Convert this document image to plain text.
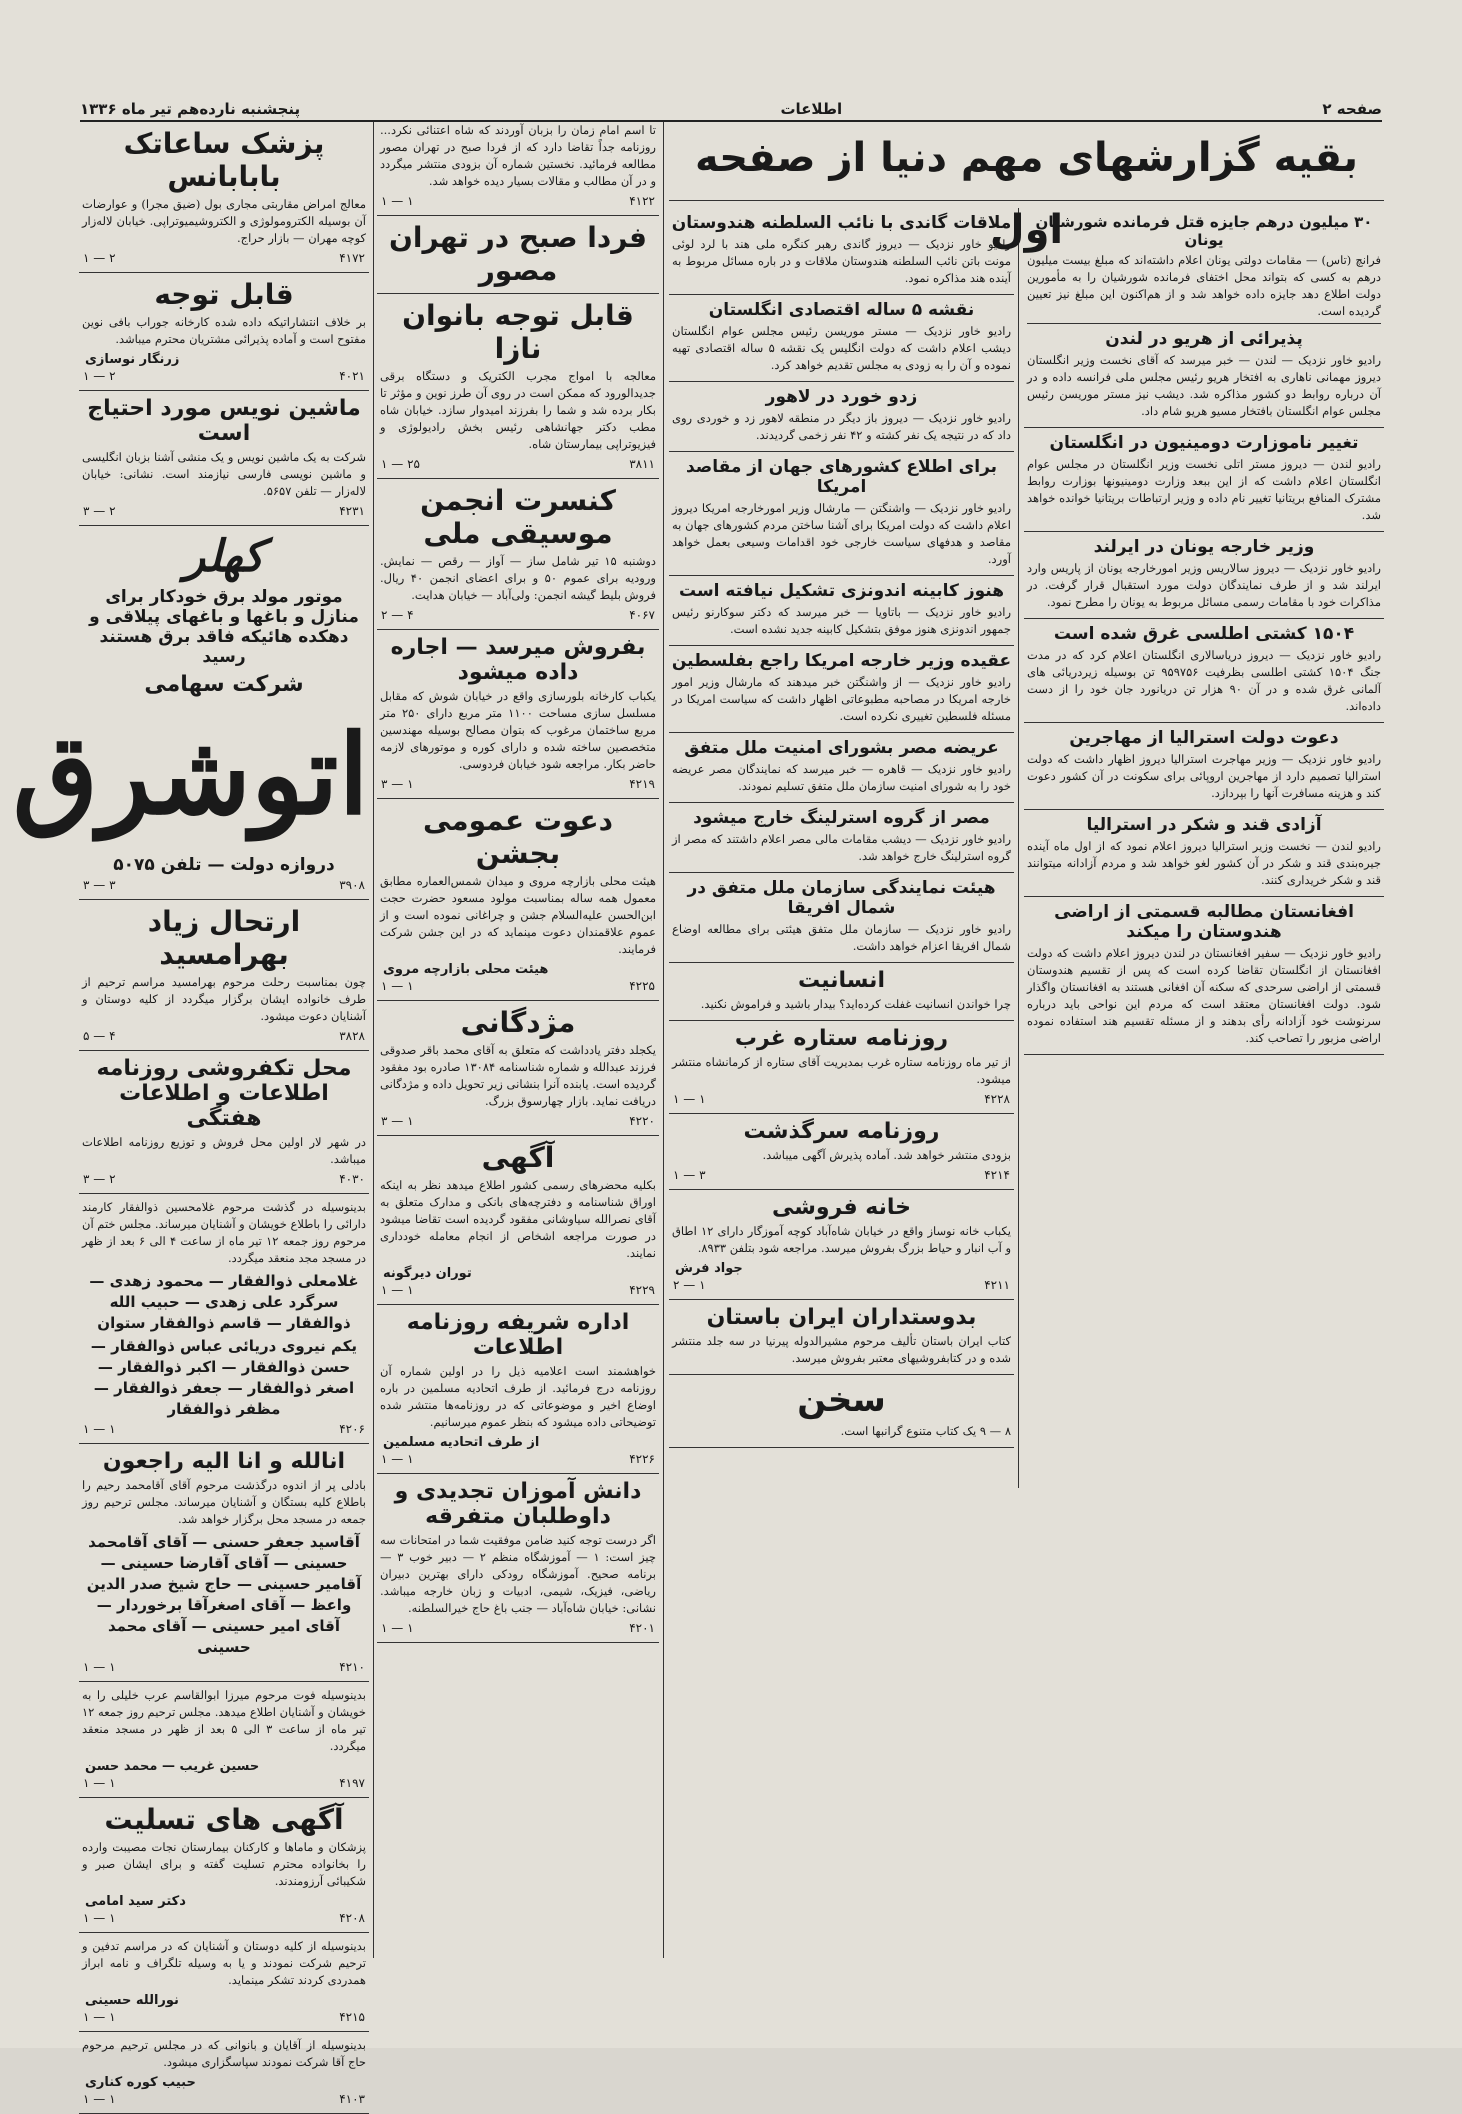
صفحه ۲
اطلاعات
پنجشنبه نارده‌هم تیر ماه ۱۳۳۶
بقیه گزارشهای مهم دنیا از صفحه اول
۳۰ میلیون درهم جایزه قتل فرمانده شورشیان یونان
فرانچ (تاس) — مقامات دولتی یونان اعلام داشته‌اند که مبلغ بیست میلیون درهم به کسی که بتواند محل اختفای فرمانده شورشیان را به مأمورین دولت اطلاع دهد جایزه داده خواهد شد و از هم‌اکنون این مبلغ نیز تعیین گردیده است.
پذیرائی از هریو در لندن
رادیو خاور نزدیک — لندن — خبر میرسد که آقای نخست وزیر انگلستان دیروز مهمانی ناهاری به افتخار هریو رئیس مجلس ملی فرانسه داده و در آن درباره روابط دو کشور مذاکره شد. دیشب نیز مستر موریسن رئیس مجلس عوام انگلستان بافتخار مسیو هریو شام داد.
تغییر ناموزارت دومینیون در انگلستان
رادیو لندن — دیروز مستر اتلی نخست وزیر انگلستان در مجلس عوام انگلستان اعلام داشت که از این ببعد وزارت دومینیونها بوزارت روابط مشترک المنافع بریتانیا تغییر نام داده و وزیر ارتباطات بریتانیا خوانده خواهد شد.
وزیر خارجه یونان در ایرلند
رادیو خاور نزدیک — دیروز سالاریس وزیر امورخارجه یونان از پاریس وارد ایرلند شد و از طرف نمایندگان دولت مورد استقبال قرار گرفت. در مذاکرات خود با مقامات رسمی مسائل مربوط به یونان را مطرح نمود.
۱۵۰۴ کشتی اطلسی غرق شده است
رادیو خاور نزدیک — دیروز دریاسالاری انگلستان اعلام کرد که در مدت جنگ ۱۵۰۴ کشتی اطلسی بظرفیت ۹۵۹۷۵۶ تن بوسیله زیردریائی های آلمانی غرق شده و در آن ۹۰ هزار تن دریانورد جان خود را از دست داده‌اند.
دعوت دولت استرالیا از مهاجرین
رادیو خاور نزدیک — وزیر مهاجرت استرالیا دیروز اظهار داشت که دولت استرالیا تصمیم دارد از مهاجرین اروپائی برای سکونت در آن کشور دعوت کند و هزینه مسافرت آنها را بپردازد.
آزادی قند و شکر در استرالیا
رادیو لندن — نخست وزیر استرالیا دیروز اعلام نمود که از اول ماه آینده جیره‌بندی قند و شکر در آن کشور لغو خواهد شد و مردم آزادانه میتوانند قند و شکر خریداری کنند.
افغانستان مطالبه قسمتی از اراضی هندوستان را میکند
رادیو خاور نزدیک — سفیر افغانستان در لندن دیروز اعلام داشت که دولت افغانستان از انگلستان تقاضا کرده است که پس از تقسیم هندوستان قسمتی از اراضی سرحدی که سکنه آن افغانی هستند به افغانستان واگذار شود. دولت افغانستان معتقد است که مردم این نواحی باید درباره سرنوشت خود آزادانه رأی بدهند و از مسئله تقسیم هند استفاده نموده اراضی مزبور را تصاحب کند.
ملاقات گاندی با نائب السلطنه هندوستان
رادیو خاور نزدیک — دیروز گاندی رهبر کنگره ملی هند با لرد لوئی مونت باتن نائب السلطنه هندوستان ملاقات و در باره مسائل مربوط به آینده هند مذاکره نمود.
نقشه ۵ ساله اقتصادی انگلستان
رادیو خاور نزدیک — مستر موریسن رئیس مجلس عوام انگلستان دیشب اعلام داشت که دولت انگلیس یک نقشه ۵ ساله اقتصادی تهیه نموده و آن را به زودی به مجلس تقدیم خواهد کرد.
زدو خورد در لاهور
رادیو خاور نزدیک — دیروز باز دیگر در منطقه لاهور زد و خوردی روی داد که در نتیجه یک نفر کشته و ۴۲ نفر زخمی گردیدند.
برای اطلاع کشورهای جهان از مقاصد امریکا
رادیو خاور نزدیک — واشنگتن — مارشال وزیر امورخارجه امریکا دیروز اعلام داشت که دولت امریکا برای آشنا ساختن مردم کشورهای جهان به مقاصد و هدفهای سیاست خارجی خود اقدامات وسیعی بعمل خواهد آورد.
هنوز کابینه اندونزی تشکیل نیافته است
رادیو خاور نزدیک — باتاویا — خبر میرسد که دکتر سوکارنو رئیس جمهور اندونزی هنوز موفق بتشکیل کابینه جدید نشده است.
عقیده وزیر خارجه امریکا راجع بفلسطین
رادیو خاور نزدیک — از واشنگتن خبر میدهند که مارشال وزیر امور خارجه امریکا در مصاحبه مطبوعاتی اظهار داشت که سیاست امریکا در مسئله فلسطین تغییری نکرده است.
عریضه مصر بشورای امنیت ملل متفق
رادیو خاور نزدیک — قاهره — خبر میرسد که نمایندگان مصر عریضه خود را به شورای امنیت سازمان ملل متفق تسلیم نمودند.
مصر از گروه استرلینگ خارج میشود
رادیو خاور نزدیک — دیشب مقامات مالی مصر اعلام داشتند که مصر از گروه استرلینگ خارج خواهد شد.
هیئت نمایندگی سازمان ملل متفق در شمال افریقا
رادیو خاور نزدیک — سازمان ملل متفق هیئتی برای مطالعه اوضاع شمال افریقا اعزام خواهد داشت.
انسانیت
چرا خواندن انسانیت غفلت کرده‌اید؟ بیدار باشید و فراموش نکنید.
روزنامه ستاره غرب
از تیر ماه روزنامه ستاره غرب بمدیریت آقای ستاره از کرمانشاه منتشر میشود.
۴۲۲۸
۱ — ۱
روزنامه سرگذشت
بزودی منتشر خواهد شد. آماده پذیرش آگهی میباشد.
۴۲۱۴
۳ — ۱
خانه فروشی
یکباب خانه نوساز واقع در خیابان شاه‌آباد کوچه آموزگار دارای ۱۲ اطاق و آب انبار و حیاط بزرگ بفروش میرسد. مراجعه شود بتلفن ۸۹۳۳.
جواد فرش
۴۲۱۱
۱ — ۲
بدوستداران ایران باستان
کتاب ایران باستان تألیف مرحوم مشیرالدوله پیرنیا در سه جلد منتشر شده و در کتابفروشیهای معتبر بفروش میرسد.
سخن
۸ — ۹ یک کتاب متنوع گرانبها است.
تا اسم امام زمان را بزبان آوردند که شاه اعتنائی نکرد... روزنامه جداً تقاضا دارد که از فردا صبح در تهران مصور مطالعه فرمائید. نخستین شماره آن بزودی منتشر میگردد و در آن مطالب و مقالات بسیار دیده خواهد شد.
۴۱۲۲
۱ — ۱
فردا صبح در تهران مصور
قابل توجه بانوان نازا
معالجه با امواج مجرب الکتریک و دستگاه برقی جدیدالورود که ممکن است در روی آن طرز نوین و مؤثر تا بکار برده شد و شما را بفرزند امیدوار سازد. خیابان شاه مطب دکتر جهانشاهی رئیس بخش رادیولوژی و فیزیوتراپی بیمارستان شاه.
۳۸۱۱
۲۵ — ۱
کنسرت انجمن موسیقی ملی
دوشنبه ۱۵ تیر شامل ساز — آواز — رقص — نمایش. ورودیه برای عموم ۵۰ و برای اعضای انجمن ۴۰ ریال. فروش بلیط گیشه انجمن: ولی‌آباد — خیابان هدایت.
۴۰۶۷
۴ — ۲
بفروش میرسد — اجاره داده میشود
یکباب کارخانه بلورسازی واقع در خیابان شوش که مقابل مسلسل سازی مساحت ۱۱۰۰ متر مربع دارای ۲۵۰ متر مربع ساختمان مرغوب که بتوان مصالح بوسیله مهندسین متخصصین ساخته شده و دارای کوره و موتورهای لازمه حاضر بکار. مراجعه شود خیابان فردوسی.
۴۲۱۹
۱ — ۳
دعوت عمومی بجشن
هیئت محلی بازارچه مروی و میدان شمس‌العماره مطابق معمول همه ساله بمناسبت مولود مسعود حضرت حجت ابن‌الحسن علیه‌السلام جشن و چراغانی نموده است و از عموم علاقمندان دعوت مینماید که در این جشن شرکت فرمایند.
هیئت محلی بازارچه مروی
۴۲۲۵
۱ — ۱
مژدگانی
یکجلد دفتر یادداشت که متعلق به آقای محمد باقر صدوقی فرزند عبدالله و شماره شناسنامه ۱۳۰۸۴ صادره بود مفقود گردیده است. یابنده آنرا بنشانی زیر تحویل داده و مژدگانی دریافت نماید. بازار چهارسوق بزرگ.
۴۲۲۰
۱ — ۳
آگهی
بکلیه محضرهای رسمی کشور اطلاع میدهد نظر به اینکه اوراق شناسنامه و دفترچه‌های بانکی و مدارک متعلق به آقای نصرالله سیاوشانی مفقود گردیده است تقاضا میشود در صورت مراجعه اشخاص از انجام معامله خودداری نمایند.
توران دیرگونه
۴۲۲۹
۱ — ۱
اداره شریفه روزنامه اطلاعات
خواهشمند است اعلامیه ذیل را در اولین شماره آن روزنامه درج فرمائید. از طرف اتحادیه مسلمین در باره اوضاع اخیر و موضوعاتی که در روزنامه‌ها منتشر شده توضیحاتی داده میشود که بنظر عموم میرسانیم.
از طرف اتحادیه مسلمین
۴۲۲۶
۱ — ۱
دانش آموزان تجدیدی و داوطلبان متفرقه
اگر درست توجه کنید ضامن موفقیت شما در امتحانات سه چیز است: ۱ — آموزشگاه منظم ۲ — دبیر خوب ۳ — برنامه صحیح. آموزشگاه رودکی دارای بهترین دبیران ریاضی، فیزیک، شیمی، ادبیات و زبان خارجه میباشد. نشانی: خیابان شاه‌آباد — جنب باغ حاج خیرالسلطنه.
۴۲۰۱
۱ — ۱
پزشک ساعاتک بابابانس
معالج امراض مقاربتی مجاری بول (ضیق مجرا) و عوارضات آن بوسیله الکترومولوژی و الکتروشیمیوتراپی. خیابان لاله‌زار کوچه مهران — بازار حراج.
۴۱۷۲
۲ — ۱
قابل توجه
بر خلاف انتشاراتیکه داده شده کارخانه جوراب بافی نوین مفتوح است و آماده پذیرائی مشتریان محترم میباشد.
زرنگار نوسازی
۴۰۲۱
۲ — ۱
ماشین نویس مورد احتیاج است
شرکت به یک ماشین نویس و یک منشی آشنا بزبان انگلیسی و ماشین نویسی فارسی نیازمند است. نشانی: خیابان لاله‌زار — تلفن ۵۶۵۷.
۴۲۳۱
۲ — ۳
کهلر
موتور مولد برق خودکار برای منازل و باغها و باغهای پیلاقی و دهکده هائیکه فاقد برق هستند رسید
شرکت سهامی
اتوشرق
دروازه دولت — تلفن ۵۰۷۵
۳۹۰۸
۳ — ۳
ارتحال زیاد بهرامسید
چون بمناسبت رحلت مرحوم بهرامسید مراسم ترحیم از طرف خانواده ایشان برگزار میگردد از کلیه دوستان و آشنایان دعوت میشود.
۳۸۲۸
۴ — ۵
محل تکفروشی روزنامه اطلاعات و اطلاعات هفتگی
در شهر لار اولین محل فروش و توزیع روزنامه اطلاعات میباشد.
۴۰۳۰
۲ — ۳
بدینوسیله در گذشت مرحوم غلامحسین ذوالفقار کارمند دارائی را باطلاع خویشان و آشنایان میرساند. مجلس ختم آن مرحوم روز جمعه ۱۲ تیر ماه از ساعت ۴ الی ۶ بعد از ظهر در مسجد مجد منعقد میگردد.
غلامعلی ذوالفقار — محمود زهدی — سرگرد علی زهدی — حبیب الله ذوالفقار — قاسم ذوالفقار ستوان
یکم نیروی دریائی عباس ذوالفقار — حسن ذوالفقار — اکبر ذوالفقار — اصغر ذوالفقار — جعفر ذوالفقار — مظفر ذوالفقار
۴۲۰۶
۱ — ۱
انالله و انا الیه راجعون
بادلی پر از اندوه درگذشت مرحوم آقای آقامحمد رحیم را باطلاع کلیه بستگان و آشنایان میرساند. مجلس ترحیم روز جمعه در مسجد محل برگزار خواهد شد.
آقاسید جعفر حسنی — آقای آقامحمد حسینی — آقای آقارضا حسینی — آقامیر حسینی — حاج شیخ صدر الدین واعظ — آقای اصغرآقا برخوردار — آقای امیر حسینی — آقای محمد حسینی
۴۲۱۰
۱ — ۱
بدینوسیله فوت مرحوم میرزا ابوالقاسم عرب خلیلی را به خویشان و آشنایان اطلاع میدهد. مجلس ترحیم روز جمعه ۱۲ تیر ماه از ساعت ۳ الی ۵ بعد از ظهر در مسجد منعقد میگردد.
حسین غریب — محمد حسن
۴۱۹۷
۱ — ۱
آگهی های تسلیت
پزشکان و ماماها و کارکنان بیمارستان نجات مصیبت وارده را بخانواده محترم تسلیت گفته و برای ایشان صبر و شکیبائی آرزومندند.
دکتر سید امامی
۴۲۰۸
۱ — ۱
بدینوسیله از کلیه دوستان و آشنایان که در مراسم تدفین و ترحیم شرکت نمودند و یا به وسیله تلگراف و نامه ابراز همدردی کردند تشکر مینماید.
نورالله حسینی
۴۲۱۵
۱ — ۱
بدینوسیله از آقایان و بانوانی که در مجلس ترحیم مرحوم حاج آقا شرکت نمودند سپاسگزاری میشود.
حبیب کوره کناری
۴۱۰۳
۱ — ۱
